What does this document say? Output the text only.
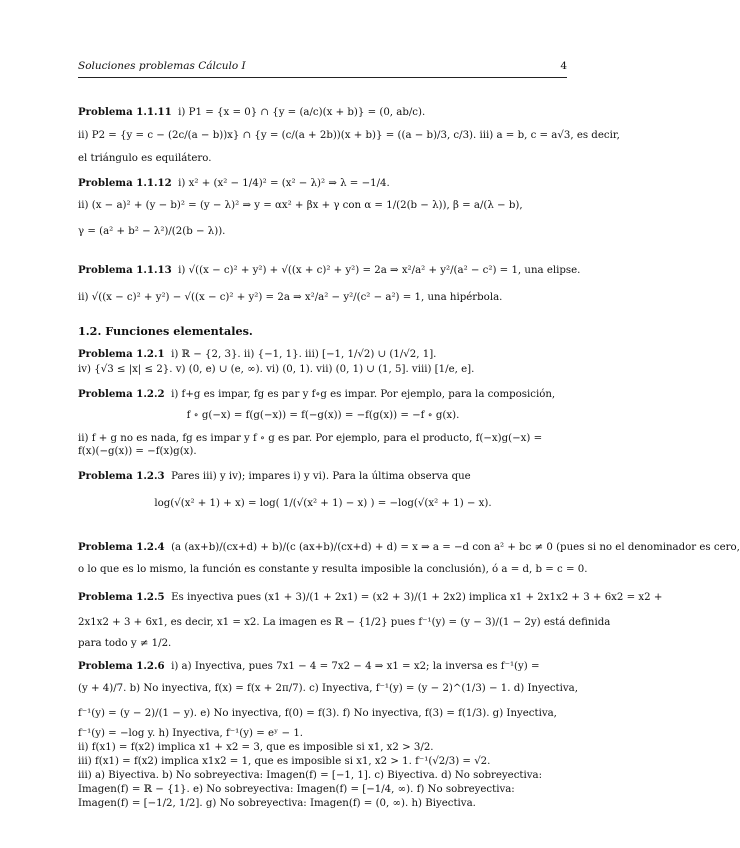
Soluciones problemas Cálculo I	4
Problema 1.1.11 i) P1 = {x = 0} ∩ {y = (a/c)(x + b)} = (0, ab/c).
ii) P2 = {y = c − (2c/(a − b))x} ∩ {y = (c/(a + 2b))(x + b)} = ((a − b)/3, c/3). iii) a = b, c = a√3, es decir,
el triángulo es equilátero.
Problema 1.1.12 i) x² + (x² − 1/4)² = (x² − λ)² ⇒ λ = −1/4.
ii) (x − a)² + (y − b)² = (y − λ)² ⇒ y = αx² + βx + γ con α = 1/(2(b − λ)), β = a/(λ − b),
γ = (a² + b² − λ²)/(2(b − λ)).
Problema 1.1.13 i) √((x − c)² + y²) + √((x + c)² + y²) = 2a ⇒ x²/a² + y²/(a² − c²) = 1, una elipse.
ii) √((x − c)² + y²) − √((x − c)² + y²) = 2a ⇒ x²/a² − y²/(c² − a²) = 1, una hipérbola.
1.2. Funciones elementales.
Problema 1.2.1 i) ℝ − {2, 3}. ii) {−1, 1}. iii) [−1, 1/√2) ∪ (1/√2, 1].
iv) {√3 ≤ |x| ≤ 2}. v) (0, e) ∪ (e, ∞). vi) (0, 1). vii) (0, 1) ∪ (1, 5]. viii) [1/e, e].
Problema 1.2.2 i) f+g es impar, fg es par y f∘g es impar. Por ejemplo, para la composición,
f ∘ g(−x) = f(g(−x)) = f(−g(x)) = −f(g(x)) = −f ∘ g(x).
ii) f + g no es nada, fg es impar y f ∘ g es par. Por ejemplo, para el producto, f(−x)g(−x) =
f(x)(−g(x)) = −f(x)g(x).
Problema 1.2.3 Pares iii) y iv); impares i) y vi). Para la última observa que
log(√(x² + 1) + x) = log( 1/(√(x² + 1) − x) ) = −log(√(x² + 1) − x).
Problema 1.2.4 (a (ax+b)/(cx+d) + b)/(c (ax+b)/(cx+d) + d) = x ⇒ a = −d con a² + bc ≠ 0 (pues si no el denominador es cero,
o lo que es lo mismo, la función es constante y resulta imposible la conclusión), ó a = d, b = c = 0.
Problema 1.2.5 Es inyectiva pues (x1 + 3)/(1 + 2x1) = (x2 + 3)/(1 + 2x2) implica x1 + 2x1x2 + 3 + 6x2 = x2 +
2x1x2 + 3 + 6x1, es decir, x1 = x2. La imagen es ℝ − {1/2} pues f⁻¹(y) = (y − 3)/(1 − 2y) está definida
para todo y ≠ 1/2.
Problema 1.2.6 i) a) Inyectiva, pues 7x1 − 4 = 7x2 − 4 ⇒ x1 = x2; la inversa es f⁻¹(y) =
(y + 4)/7. b) No inyectiva, f(x) = f(x + 2π/7). c) Inyectiva, f⁻¹(y) = (y − 2)^(1/3) − 1. d) Inyectiva,
f⁻¹(y) = (y − 2)/(1 − y). e) No inyectiva, f(0) = f(3). f) No inyectiva, f(3) = f(1/3). g) Inyectiva,
f⁻¹(y) = −log y. h) Inyectiva, f⁻¹(y) = eʸ − 1.
ii) f(x1) = f(x2) implica x1 + x2 = 3, que es imposible si x1, x2 > 3/2.
iii) f(x1) = f(x2) implica x1x2 = 1, que es imposible si x1, x2 > 1. f⁻¹(√2/3) = √2.
iii) a) Biyectiva. b) No sobreyectiva: Imagen(f) = [−1, 1]. c) Biyectiva. d) No sobreyectiva:
Imagen(f) = ℝ − {1}. e) No sobreyectiva: Imagen(f) = [−1/4, ∞). f) No sobreyectiva:
Imagen(f) = [−1/2, 1/2]. g) No sobreyectiva: Imagen(f) = (0, ∞). h) Biyectiva.
